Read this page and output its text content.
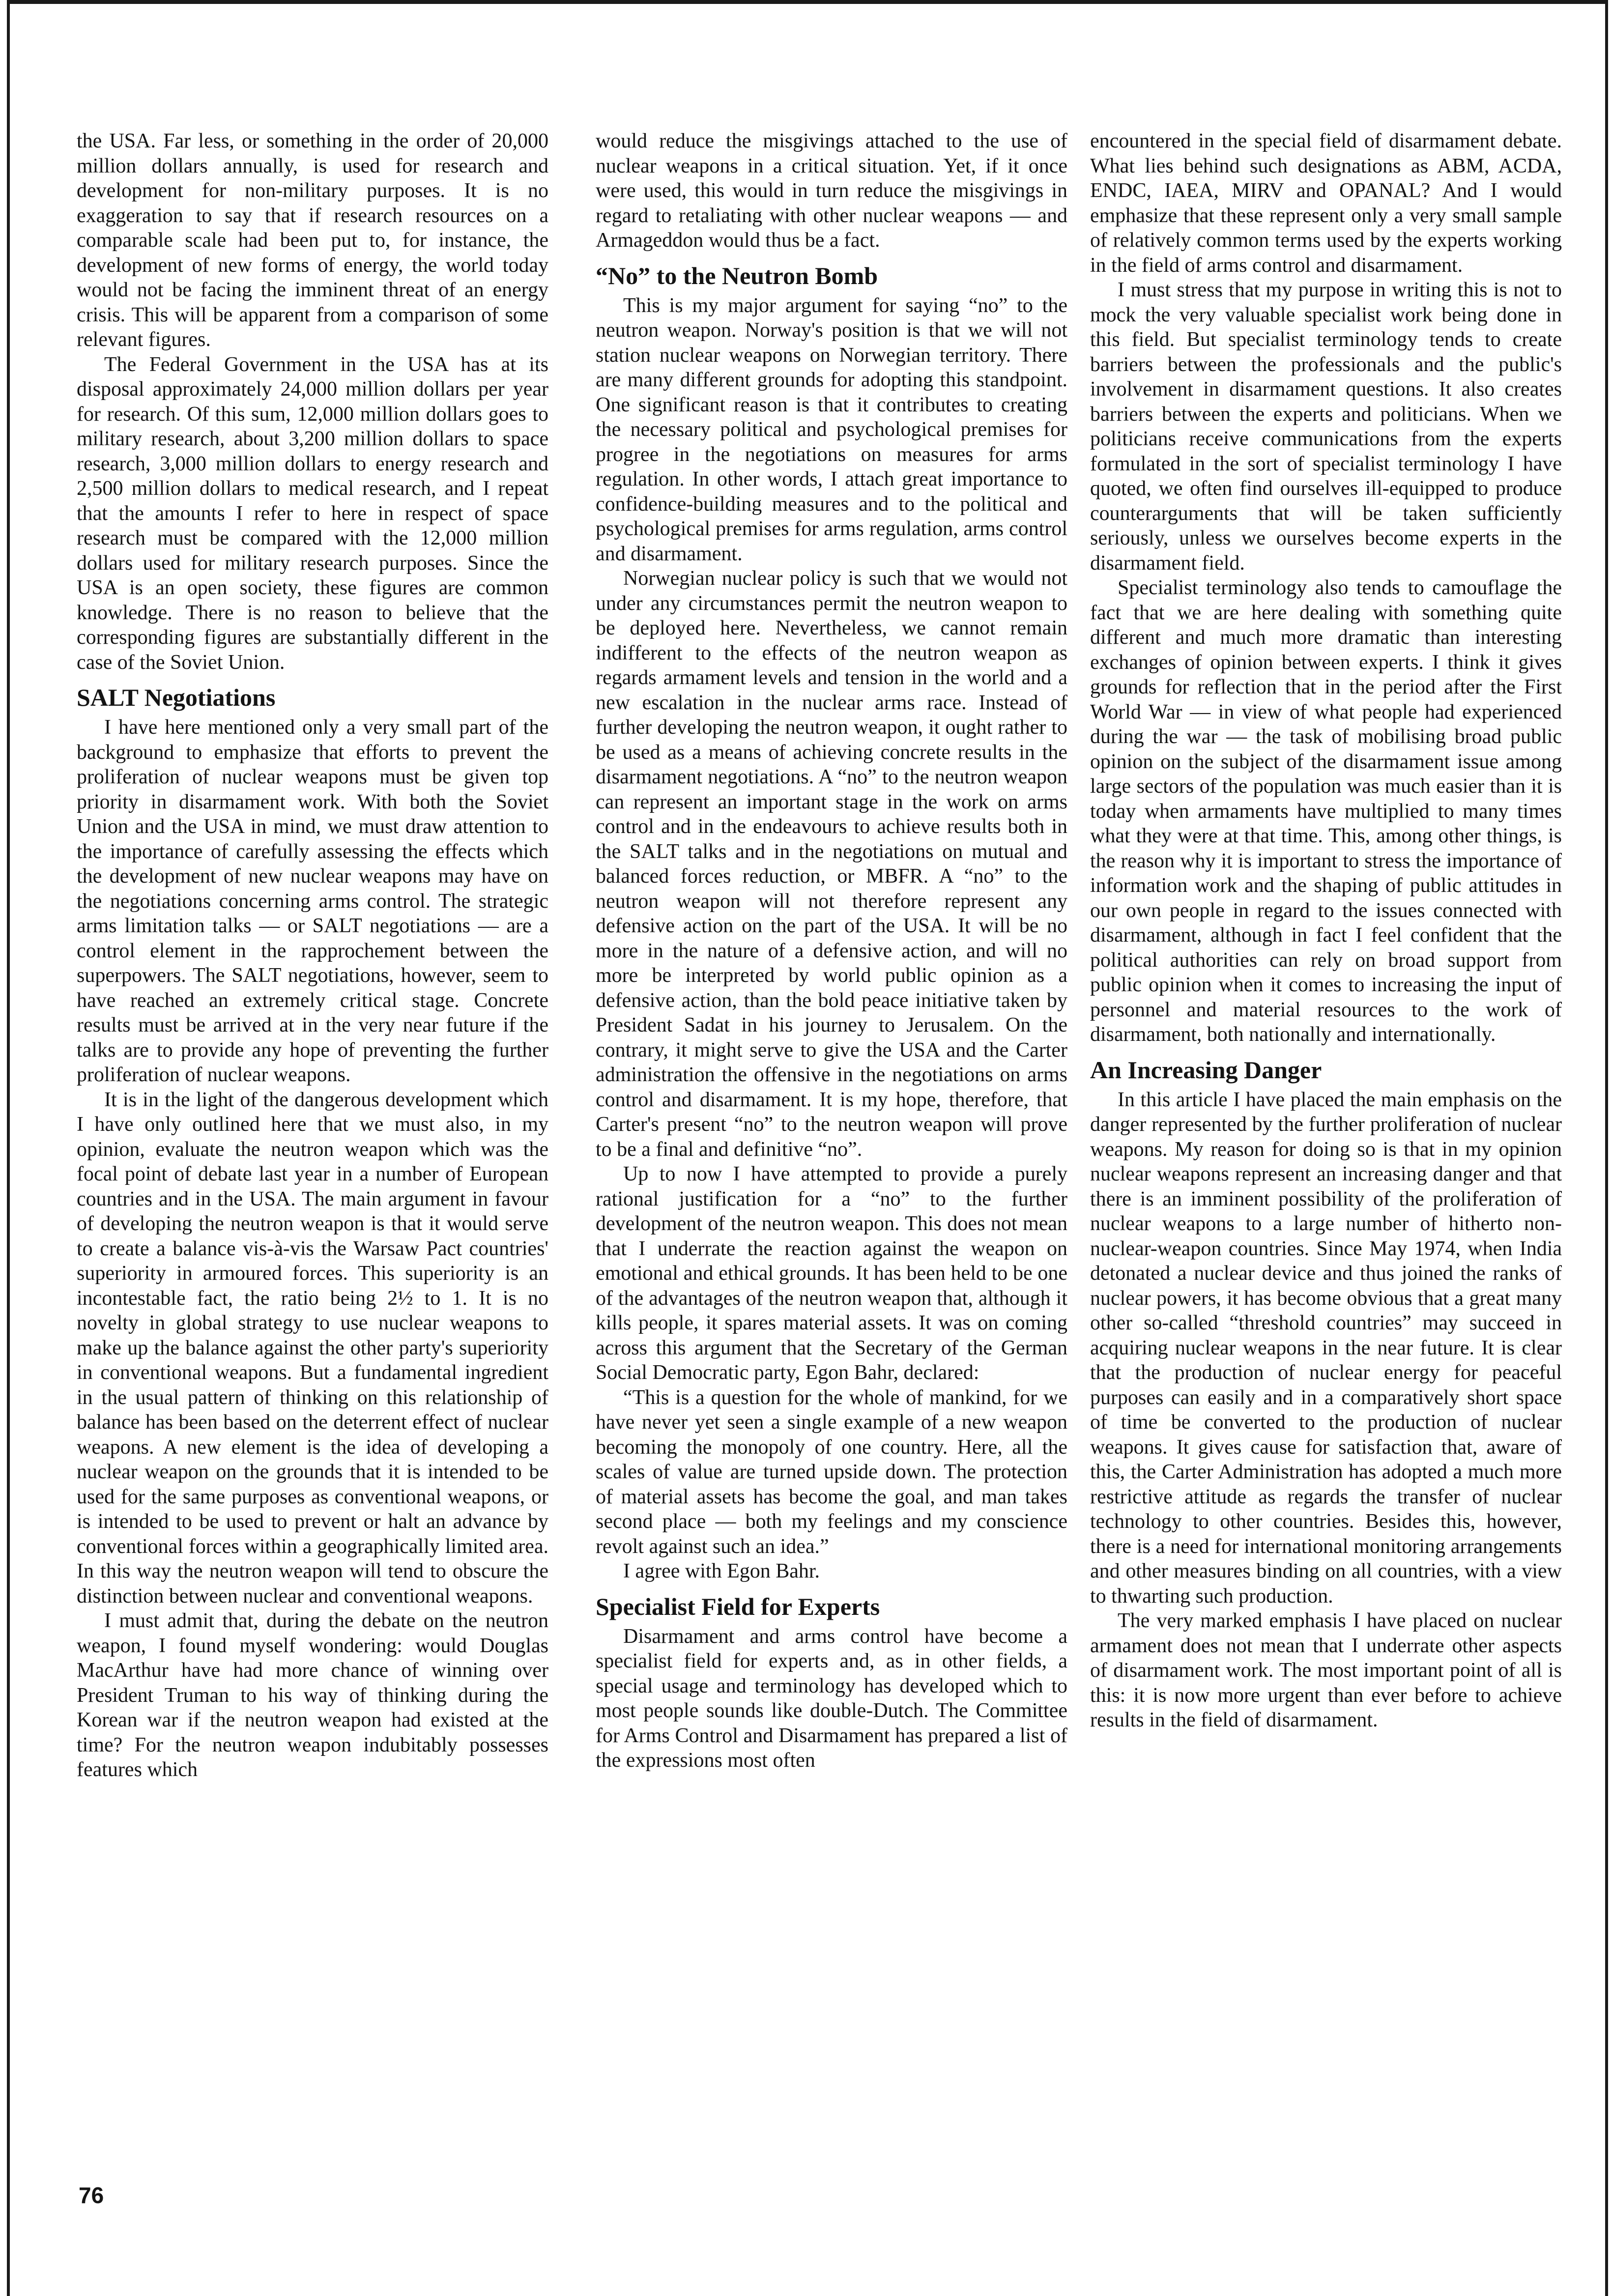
the USA. Far less, or something in the order of 20,000 million dollars annually, is used for research and development for non-military purposes. It is no exaggeration to say that if research resources on a comparable scale had been put to, for instance, the development of new forms of energy, the world today would not be facing the imminent threat of an energy crisis. This will be apparent from a comparison of some relevant figures.

The Federal Government in the USA has at its disposal approximately 24,000 million dollars per year for research. Of this sum, 12,000 million dollars goes to military research, about 3,200 million dollars to space research, 3,000 million dollars to energy research and 2,500 million dollars to medical research, and I repeat that the amounts I refer to here in respect of space research must be compared with the 12,000 million dollars used for military research purposes. Since the USA is an open society, these figures are common knowledge. There is no reason to believe that the corresponding figures are substantially different in the case of the Soviet Union.

SALT Negotiations

I have here mentioned only a very small part of the background to emphasize that efforts to prevent the proliferation of nuclear weapons must be given top priority in disarmament work. With both the Soviet Union and the USA in mind, we must draw attention to the importance of carefully assessing the effects which the development of new nuclear weapons may have on the negotiations concerning arms control. The strategic arms limitation talks — or SALT negotiations — are a control element in the rapprochement between the superpowers. The SALT negotiations, however, seem to have reached an extremely critical stage. Concrete results must be arrived at in the very near future if the talks are to provide any hope of preventing the further proliferation of nuclear weapons.

It is in the light of the dangerous development which I have only outlined here that we must also, in my opinion, evaluate the neutron weapon which was the focal point of debate last year in a number of European countries and in the USA. The main argument in favour of developing the neutron weapon is that it would serve to create a balance vis-à-vis the Warsaw Pact countries' superiority in armoured forces. This superiority is an incontestable fact, the ratio being 2½ to 1. It is no novelty in global strategy to use nuclear weapons to make up the balance against the other party's superiority in conventional weapons. But a fundamental ingredient in the usual pattern of thinking on this relationship of balance has been based on the deterrent effect of nuclear weapons. A new element is the idea of developing a nuclear weapon on the grounds that it is intended to be used for the same purposes as conventional weapons, or is intended to be used to prevent or halt an advance by conventional forces within a geographically limited area. In this way the neutron weapon will tend to obscure the distinction between nuclear and conventional weapons.

I must admit that, during the debate on the neutron weapon, I found myself wondering: would Douglas MacArthur have had more chance of winning over President Truman to his way of thinking during the Korean war if the neutron weapon had existed at the time? For the neutron weapon indubitably possesses features which

would reduce the misgivings attached to the use of nuclear weapons in a critical situation. Yet, if it once were used, this would in turn reduce the misgivings in regard to retaliating with other nuclear weapons — and Armageddon would thus be a fact.

“No” to the Neutron Bomb

This is my major argument for saying “no” to the neutron weapon. Norway's position is that we will not station nuclear weapons on Norwegian territory. There are many different grounds for adopting this standpoint. One significant reason is that it contributes to creating the necessary political and psychological premises for progree in the negotiations on measures for arms regulation. In other words, I attach great importance to confidence-building measures and to the political and psychological premises for arms regulation, arms control and disarmament.

Norwegian nuclear policy is such that we would not under any circumstances permit the neutron weapon to be deployed here. Nevertheless, we cannot remain indifferent to the effects of the neutron weapon as regards armament levels and tension in the world and a new escalation in the nuclear arms race. Instead of further developing the neutron weapon, it ought rather to be used as a means of achieving concrete results in the disarmament negotiations. A “no” to the neutron weapon can represent an important stage in the work on arms control and in the endeavours to achieve results both in the SALT talks and in the negotiations on mutual and balanced forces reduction, or MBFR. A “no” to the neutron weapon will not therefore represent any defensive action on the part of the USA. It will be no more in the nature of a defensive action, and will no more be interpreted by world public opinion as a defensive action, than the bold peace initiative taken by President Sadat in his journey to Jerusalem. On the contrary, it might serve to give the USA and the Carter administration the offensive in the negotiations on arms control and disarmament. It is my hope, therefore, that Carter's present “no” to the neutron weapon will prove to be a final and definitive “no”.

Up to now I have attempted to provide a purely rational justification for a “no” to the further development of the neutron weapon. This does not mean that I underrate the reaction against the weapon on emotional and ethical grounds. It has been held to be one of the advantages of the neutron weapon that, although it kills people, it spares material assets. It was on coming across this argument that the Secretary of the German Social Democratic party, Egon Bahr, declared:

“This is a question for the whole of mankind, for we have never yet seen a single example of a new weapon becoming the monopoly of one country. Here, all the scales of value are turned upside down. The protection of material assets has become the goal, and man takes second place — both my feelings and my conscience revolt against such an idea.”

I agree with Egon Bahr.

Specialist Field for Experts

Disarmament and arms control have become a specialist field for experts and, as in other fields, a special usage and terminology has developed which to most people sounds like double-Dutch. The Committee for Arms Control and Disarmament has prepared a list of the expressions most often

encountered in the special field of disarmament debate. What lies behind such designations as ABM, ACDA, ENDC, IAEA, MIRV and OPANAL? And I would emphasize that these represent only a very small sample of relatively common terms used by the experts working in the field of arms control and disarmament.

I must stress that my purpose in writing this is not to mock the very valuable specialist work being done in this field. But specialist terminology tends to create barriers between the professionals and the public's involvement in disarmament questions. It also creates barriers between the experts and politicians. When we politicians receive communications from the experts formulated in the sort of specialist terminology I have quoted, we often find ourselves ill-equipped to produce counterarguments that will be taken sufficiently seriously, unless we ourselves become experts in the disarmament field.

Specialist terminology also tends to camouflage the fact that we are here dealing with something quite different and much more dramatic than interesting exchanges of opinion between experts. I think it gives grounds for reflection that in the period after the First World War — in view of what people had experienced during the war — the task of mobilising broad public opinion on the subject of the disarmament issue among large sectors of the population was much easier than it is today when armaments have multiplied to many times what they were at that time. This, among other things, is the reason why it is important to stress the importance of information work and the shaping of public attitudes in our own people in regard to the issues connected with disarmament, although in fact I feel confident that the political authorities can rely on broad support from public opinion when it comes to increasing the input of personnel and material resources to the work of disarmament, both nationally and internationally.

An Increasing Danger

In this article I have placed the main emphasis on the danger represented by the further proliferation of nuclear weapons. My reason for doing so is that in my opinion nuclear weapons represent an increasing danger and that there is an imminent possibility of the proliferation of nuclear weapons to a large number of hitherto non-nuclear-weapon countries. Since May 1974, when India detonated a nuclear device and thus joined the ranks of nuclear powers, it has become obvious that a great many other so-called “threshold countries” may succeed in acquiring nuclear weapons in the near future. It is clear that the production of nuclear energy for peaceful purposes can easily and in a comparatively short space of time be converted to the production of nuclear weapons. It gives cause for satisfaction that, aware of this, the Carter Administration has adopted a much more restrictive attitude as regards the transfer of nuclear technology to other countries. Besides this, however, there is a need for international monitoring arrangements and other measures binding on all countries, with a view to thwarting such production.

The very marked emphasis I have placed on nuclear armament does not mean that I underrate other aspects of disarmament work. The most important point of all is this: it is now more urgent than ever before to achieve results in the field of disarmament.

76
